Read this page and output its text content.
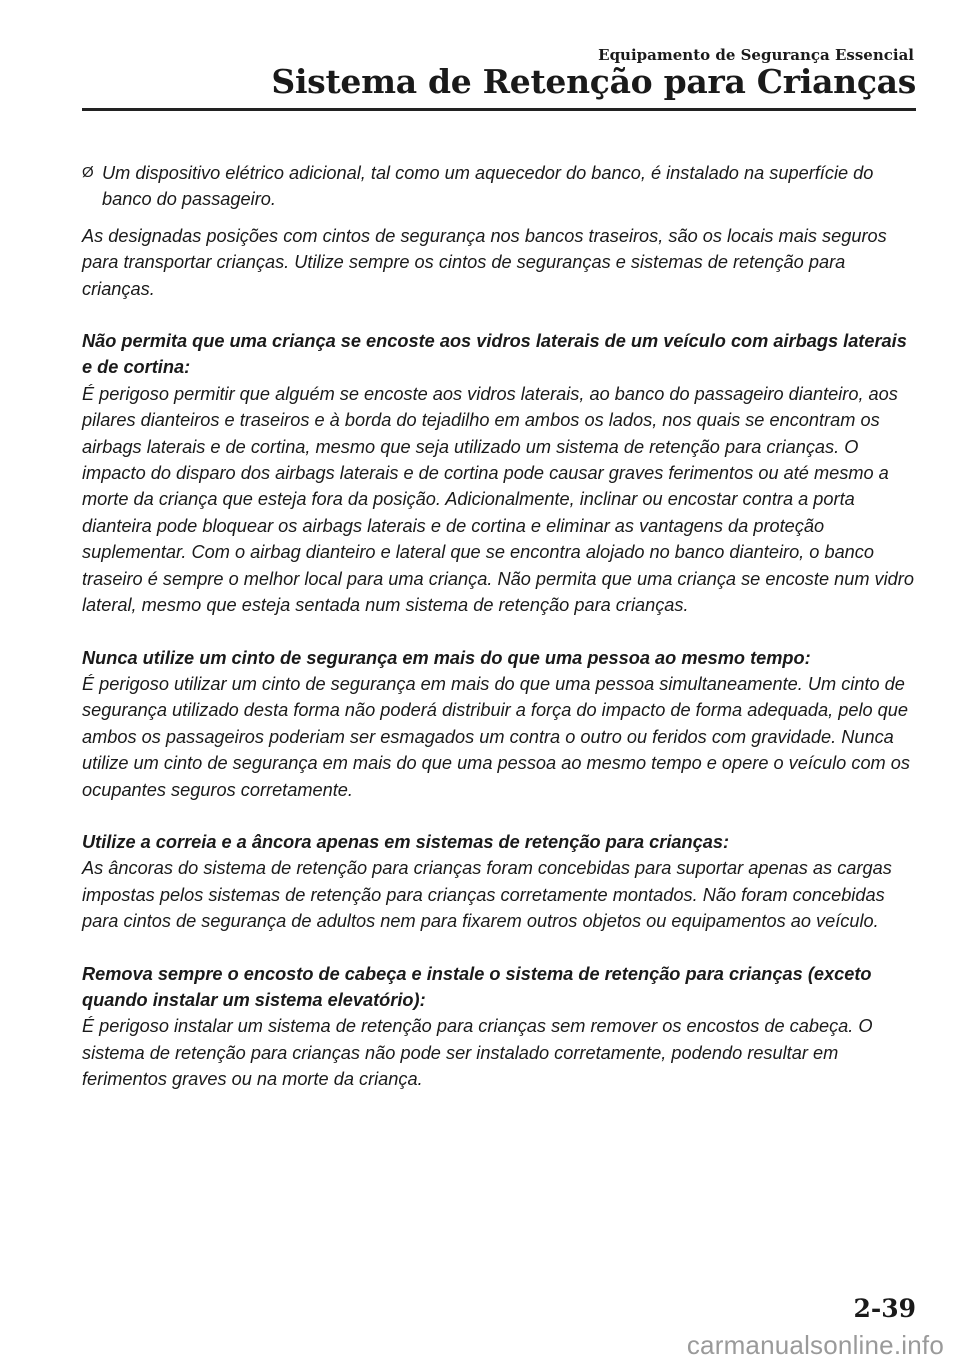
Equipamento de Segurança Essencial
Sistema de Retenção para Crianças
Ø Um dispositivo elétrico adicional, tal como um aquecedor do banco, é instalado na superfície do banco do passageiro.

As designadas posições com cintos de segurança nos bancos traseiros, são os locais mais seguros para transportar crianças. Utilize sempre os cintos de seguranças e sistemas de retenção para crianças.

Não permita que uma criança se encoste aos vidros laterais de um veículo com airbags laterais e de cortina:

É perigoso permitir que alguém se encoste aos vidros laterais, ao banco do passageiro dianteiro, aos pilares dianteiros e traseiros e à borda do tejadilho em ambos os lados, nos quais se encontram os airbags laterais e de cortina, mesmo que seja utilizado um sistema de retenção para crianças. O impacto do disparo dos airbags laterais e de cortina pode causar graves ferimentos ou até mesmo a morte da criança que esteja fora da posição. Adicionalmente, inclinar ou encostar contra a porta dianteira pode bloquear os airbags laterais e de cortina e eliminar as vantagens da proteção suplementar. Com o airbag dianteiro e lateral que se encontra alojado no banco dianteiro, o banco traseiro é sempre o melhor local para uma criança. Não permita que uma criança se encoste num vidro lateral, mesmo que esteja sentada num sistema de retenção para crianças.

Nunca utilize um cinto de segurança em mais do que uma pessoa ao mesmo tempo:

É perigoso utilizar um cinto de segurança em mais do que uma pessoa simultaneamente. Um cinto de segurança utilizado desta forma não poderá distribuir a força do impacto de forma adequada, pelo que ambos os passageiros poderiam ser esmagados um contra o outro ou feridos com gravidade. Nunca utilize um cinto de segurança em mais do que uma pessoa ao mesmo tempo e opere o veículo com os ocupantes seguros corretamente.

Utilize a correia e a âncora apenas em sistemas de retenção para crianças:

As âncoras do sistema de retenção para crianças foram concebidas para suportar apenas as cargas impostas pelos sistemas de retenção para crianças corretamente montados. Não foram concebidas para cintos de segurança de adultos nem para fixarem outros objetos ou equipamentos ao veículo.

Remova sempre o encosto de cabeça e instale o sistema de retenção para crianças (exceto quando instalar um sistema elevatório):

É perigoso instalar um sistema de retenção para crianças sem remover os encostos de cabeça. O sistema de retenção para crianças não pode ser instalado corretamente, podendo resultar em ferimentos graves ou na morte da criança.

2-39
carmanualsonline.info
